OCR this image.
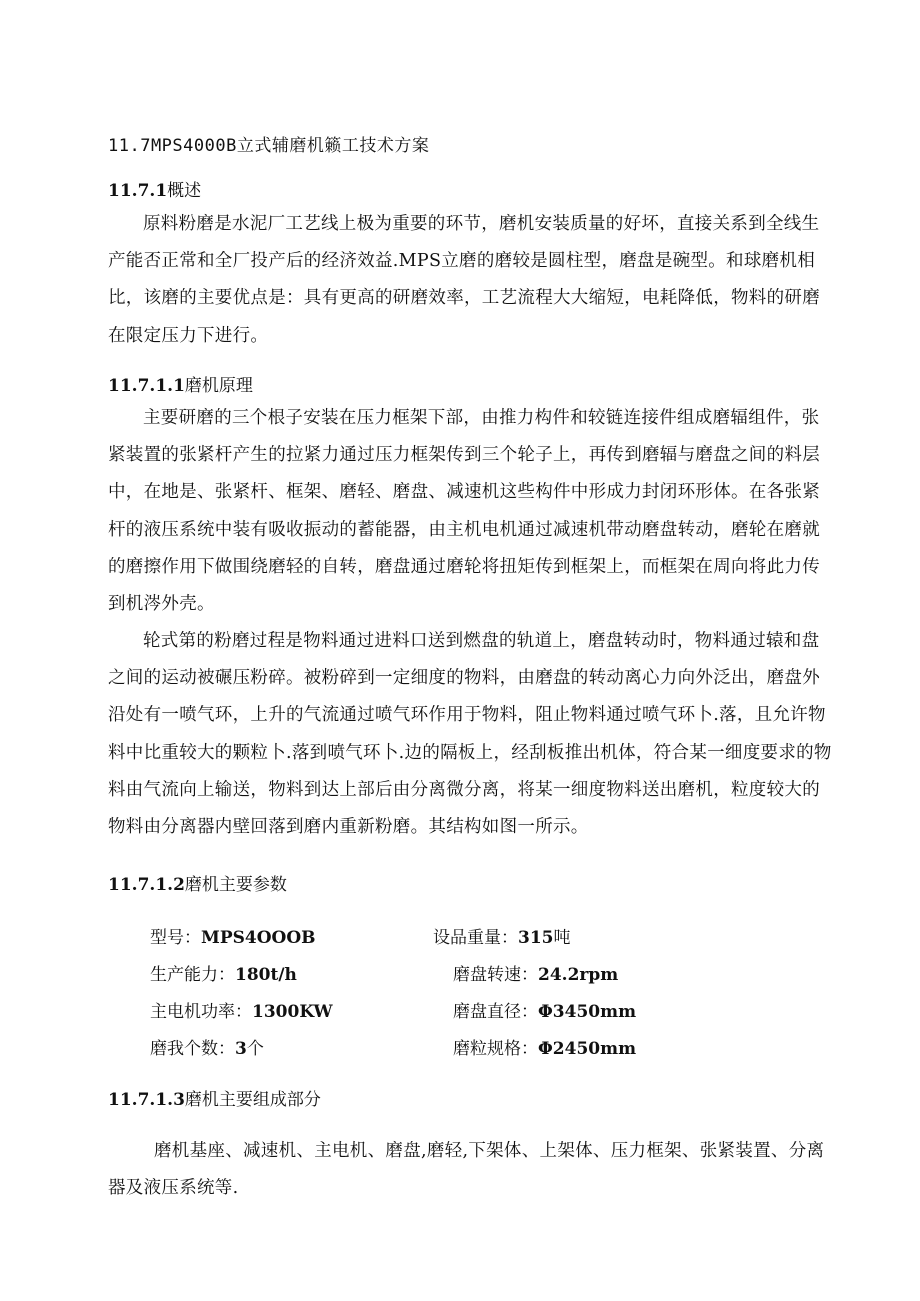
11.7MPS4000B立式辅磨机籁工技术方案
11.7.1概述

原料粉磨是水泥厂工艺线上极为重要的环节，磨机安装质量的好坏，直接关系到全线生产能否正常和全厂投产后的经济效益.MPS立磨的磨较是圆柱型，磨盘是碗型。和球磨机相比，该磨的主要优点是：具有更高的研磨效率，工艺流程大大缩短，电耗降低，物料的研磨在限定压力下进行。

11.7.1.1磨机原理

主要研磨的三个根子安装在压力框架下部，由推力构件和较链连接件组成磨辐组件，张紧装置的张紧杆产生的拉紧力通过压力框架传到三个轮子上，再传到磨辐与磨盘之间的料层中，在地是、张紧杆、框架、磨轻、磨盘、减速机这些构件中形成力封闭环形体。在各张紧杆的液压系统中装有吸收振动的蓄能器，由主机电机通过减速机带动磨盘转动，磨轮在磨就的磨擦作用下做围绕磨轻的自转，磨盘通过磨轮将扭矩传到框架上，而框架在周向将此力传到机涔外壳。

轮式第的粉磨过程是物料通过进料口送到燃盘的轨道上，磨盘转动时，物料通过辕和盘之间的运动被碾压粉碎。被粉碎到一定细度的物料，由磨盘的转动离心力向外泛出，磨盘外沿处有一喷气环，上升的气流通过喷气环作用于物料，阻止物料通过喷气环卜.落，且允许物料中比重较大的颗粒卜.落到喷气环卜.边的隔板上，经刮板推出机体，符合某一细度要求的物料由气流向上输送，物料到达上部后由分离微分离，将某一细度物料送出磨机，粒度较大的物料由分离器内壁回落到磨内重新粉磨。其结构如图一所示。

11.7.1.2磨机主要参数
型号：MPS4OOOB	设品重量：315吨
生产能力：180t/h	磨盘转速：24.2rpm
主电机功率：1300KW	磨盘直径：Φ3450mm
磨我个数：3个	磨粒规格：Φ2450mm
11.7.1.3磨机主要组成部分

磨机基座、减速机、主电机、磨盘,磨轻,下架体、上架体、压力框架、张紧装置、分离器及液压系统等.
